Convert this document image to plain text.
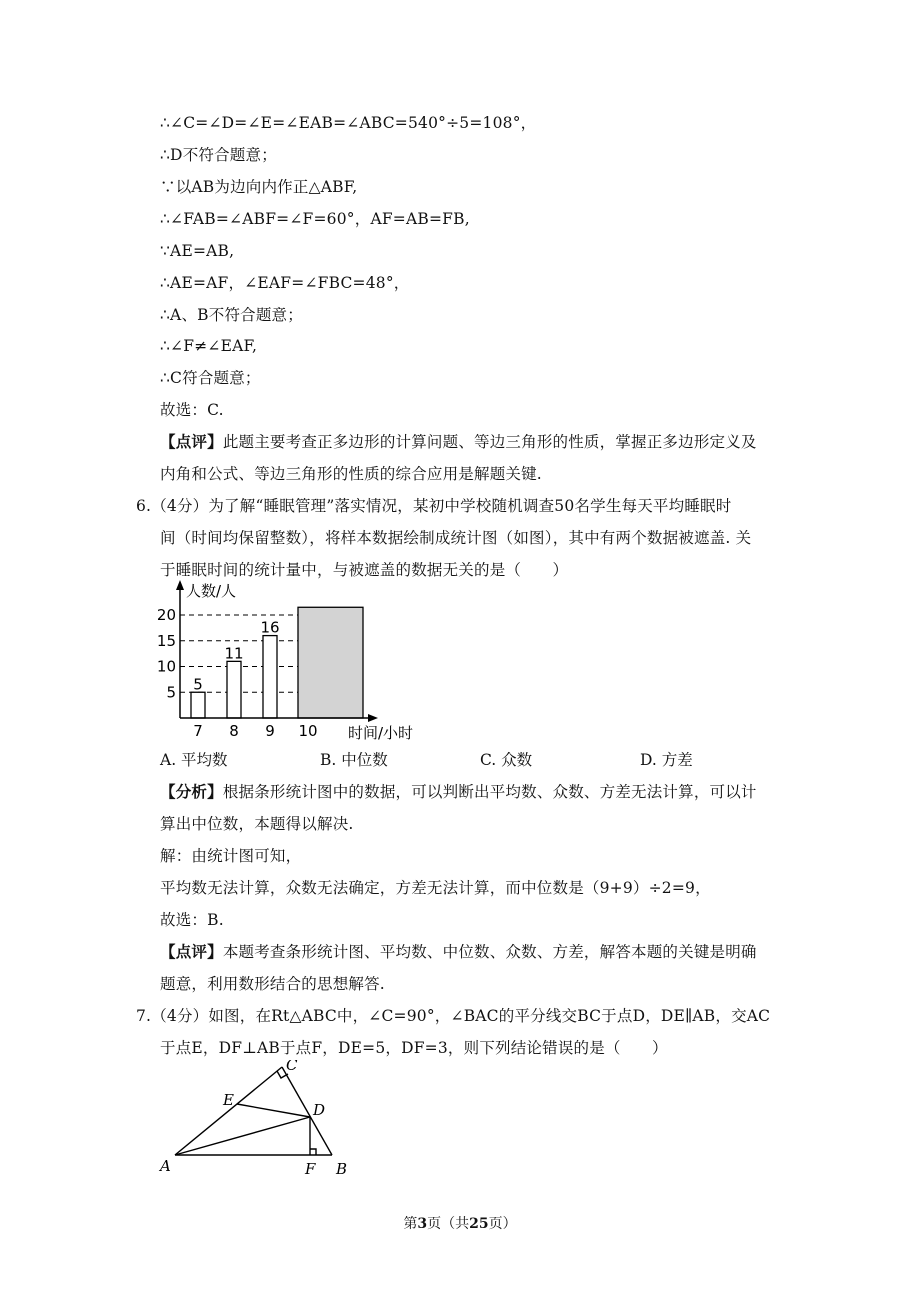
∴∠C=∠D=∠E=∠EAB=∠ABC=540°÷5=108°，

∴D不符合题意；

∵以AB为边向内作正△ABF,

∴∠FAB=∠ABF=∠F=60°，AF=AB=FB,

∵AE=AB,

∴AE=AF，∠EAF=∠FBC=48°，

∴A、B不符合题意；

∴∠F≠∠EAF,

∴C符合题意；

故选：C.

【点评】此题主要考查正多边形的计算问题、等边三角形的性质，掌握正多边形定义及

内角和公式、等边三角形的性质的综合应用是解题关键.

6.（4分）为了解“睡眠管理”落实情况，某初中学校随机调查50名学生每天平均睡眠时

间（时间均保留整数），将样本数据绘制成统计图（如图），其中有两个数据被遮盖. 关

于睡眠时间的统计量中，与被遮盖的数据无关的是（　　）

5
11
16
5
10
15
20
7 8 9 10
人数/人
时间/小时
A. 平均数	B. 中位数	C. 众数	D. 方差

【分析】根据条形统计图中的数据，可以判断出平均数、众数、方差无法计算，可以计

算出中位数，本题得以解决.

解：由统计图可知，

平均数无法计算，众数无法确定，方差无法计算，而中位数是（9+9）÷2=9，

故选：B.

【点评】本题考查条形统计图、平均数、中位数、众数、方差，解答本题的关键是明确

题意，利用数形结合的思想解答.

7.（4分）如图，在Rt△ABC中，∠C=90°，∠BAC的平分线交BC于点D，DE∥AB，交AC

于点E，DF⊥AB于点F，DE=5，DF=3，则下列结论错误的是（　　）

C
E
D
A	F B
第3页（共25页）
